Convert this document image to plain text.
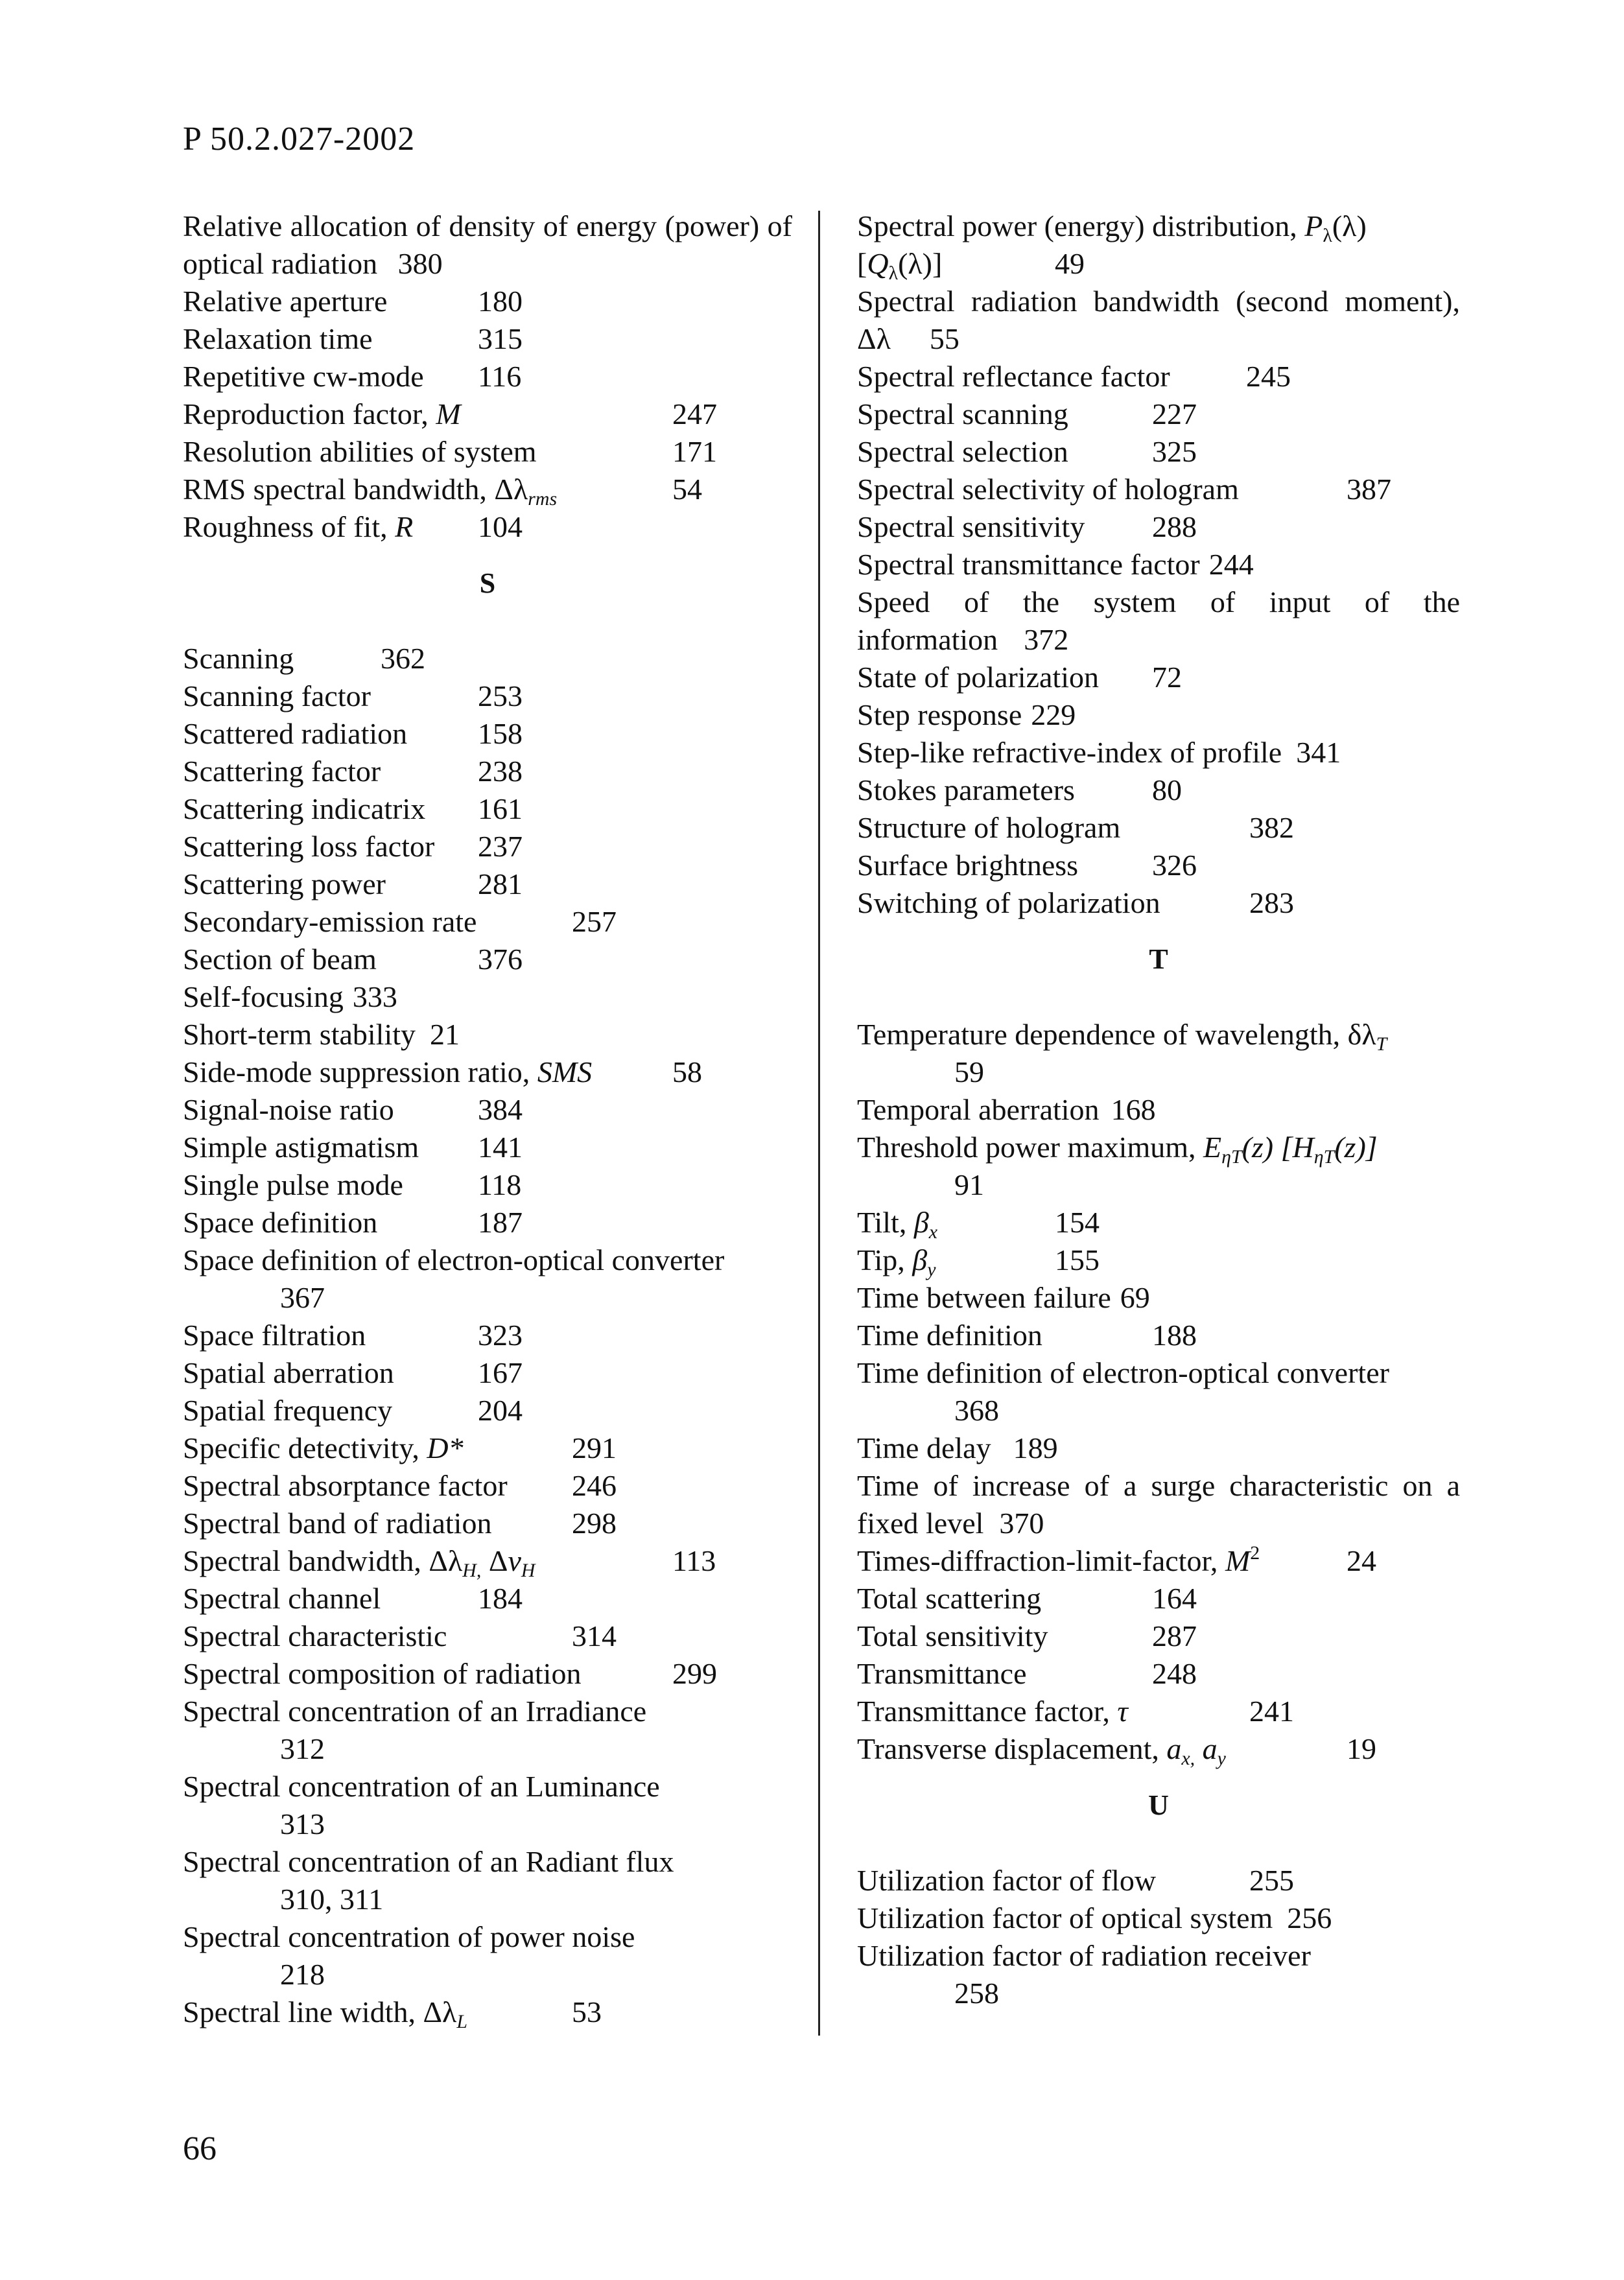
P 50.2.027-2002
Relative allocation of density of energy (power) of optical radiation 380
Relative aperture	180
Relaxation time	315
Repetitive cw-mode	116
Reproduction factor, M	247
Resolution abilities of system	171
RMS spectral bandwidth, $\Delta\lambda_{rms}$	54
Roughness of fit, R	104
S
Scanning	362
Scanning factor	253
Scattered radiation	158
Scattering factor	238
Scattering indicatrix	161
Scattering loss factor	237
Scattering power	281
Secondary-emission rate	257
Section of beam	376
Self-focusing 333
Short-term stability 21
Side-mode suppression ratio, SMS	58
Signal-noise ratio	384
Simple astigmatism	141
Single pulse mode	118
Space definition	187
Space definition of electron-optical converter
367
Space filtration	323
Spatial aberration	167
Spatial frequency	204
Specific detectivity, D*	291
Spectral absorptance factor	246
Spectral band of radiation	298
Spectral bandwidth, $\Delta\lambda_{H,}$ $\Delta\nu_H$	113
Spectral channel	184
Spectral characteristic	314
Spectral composition of radiation	299
Spectral concentration of an Irradiance
312
Spectral concentration of an Luminance
313
Spectral concentration of an Radiant flux
310, 311
Spectral concentration of power noise
218
Spectral line width, $\Delta\lambda_L$	53
Spectral power (energy) distribution, $P_\lambda(\lambda)$
$[Q_\lambda(\lambda)]$	49
Spectral radiation bandwidth (second moment), Δλ 55
Spectral reflectance factor	245
Spectral scanning	227
Spectral selection	325
Spectral selectivity of hologram	387
Spectral sensitivity	288
Spectral transmittance factor 244
Speed of the system of input of the information 372
State of polarization	72
Step response 229
Step-like refractive-index of profile 341
Stokes parameters	80
Structure of hologram	382
Surface brightness	326
Switching of polarization	283
T
Temperature dependence of wavelength, $\delta\lambda_T$
59
Temporal aberration 168
Threshold power maximum, $E_{\eta T}(z)$ $[H_{\eta T}(z)]$
91
Tilt, $\beta_x$	154
Tip, $\beta_y$	155
Time between failure 69
Time definition	188
Time definition of electron-optical converter
368
Time delay 189
Time of increase of a surge characteristic on a fixed level 370
Times-diffraction-limit-factor, $M^2$	24
Total scattering	164
Total sensitivity	287
Transmittance	248
Transmittance factor, τ	241
Transverse displacement, $a_{x,}$ $a_y$	19
U
Utilization factor of flow	255
Utilization factor of optical system 256
Utilization factor of radiation receiver
258
66
